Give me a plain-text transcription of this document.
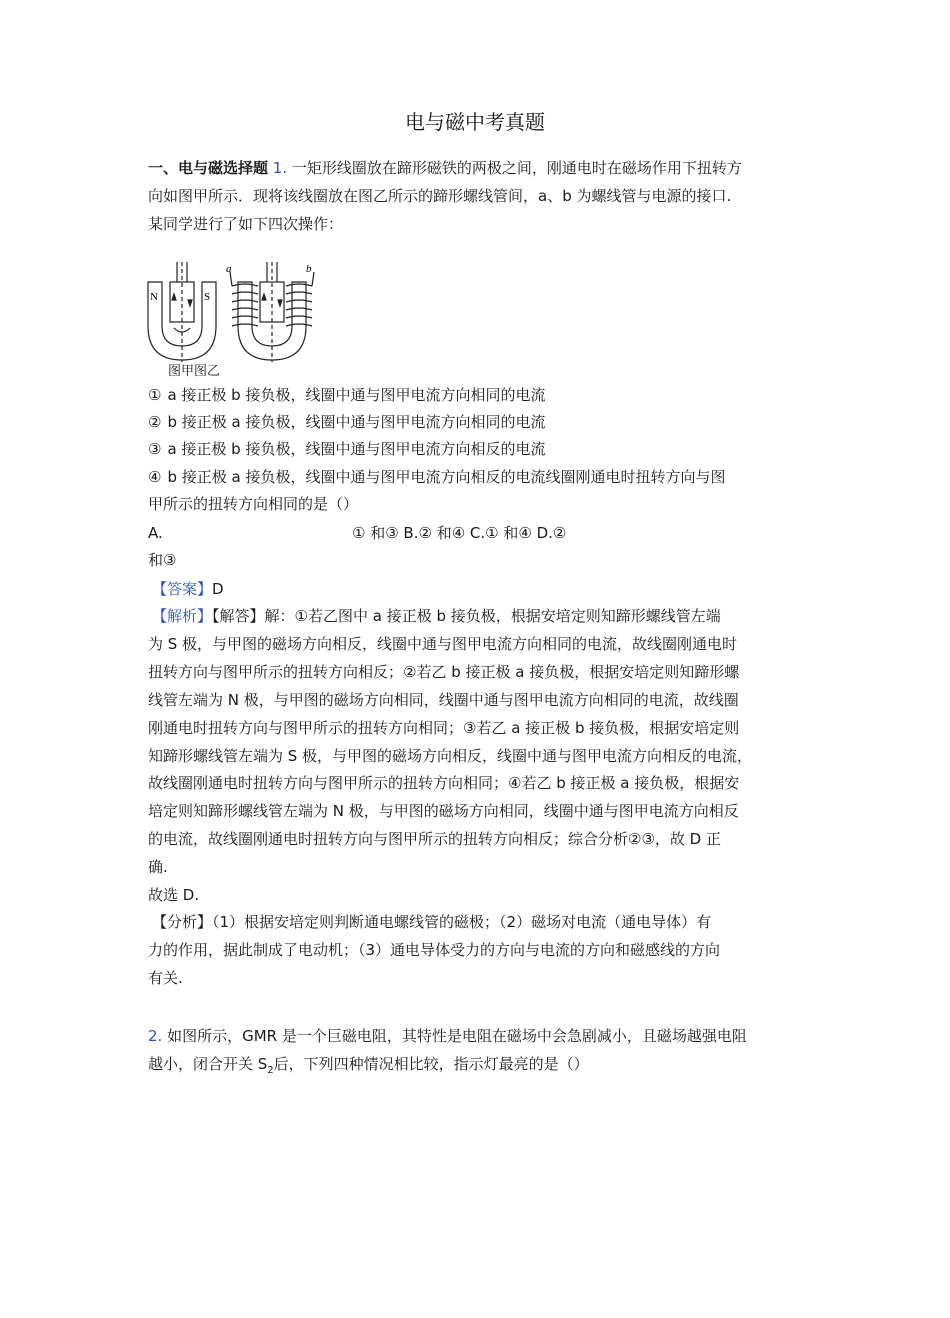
电与磁中考真题
一、电与磁选择题 1. 一矩形线圈放在蹄形磁铁的两极之间，刚通电时在磁场作用下扭转方
向如图甲所示．现将该线圈放在图乙所示的蹄形螺线管间，a、b 为螺线管与电源的接口.
某同学进行了如下四次操作：
N	S
a	b
图甲图乙
① a 接正极 b 接负极，线圈中通与图甲电流方向相同的电流
② b 接正极 a 接负极，线圈中通与图甲电流方向相同的电流
③ a 接正极 b 接负极，线圈中通与图甲电流方向相反的电流
④ b 接正极 a 接负极，线圈中通与图甲电流方向相反的电流线圈刚通电时扭转方向与图
甲所示的扭转方向相同的是（）
A.	① 和③ B.② 和④ C.① 和④ D.②
和③
【答案】D
【解析】【解答】解：①若乙图中 a 接正极 b 接负极，根据安培定则知蹄形螺线管左端
为 S 极，与甲图的磁场方向相反，线圈中通与图甲电流方向相同的电流，故线圈刚通电时
扭转方向与图甲所示的扭转方向相反；②若乙 b 接正极 a 接负极，根据安培定则知蹄形螺
线管左端为 N 极，与甲图的磁场方向相同，线圈中通与图甲电流方向相同的电流，故线圈
刚通电时扭转方向与图甲所示的扭转方向相同；③若乙 a 接正极 b 接负极，根据安培定则
知蹄形螺线管左端为 S 极，与甲图的磁场方向相反，线圈中通与图甲电流方向相反的电流，
故线圈刚通电时扭转方向与图甲所示的扭转方向相同；④若乙 b 接正极 a 接负极，根据安
培定则知蹄形螺线管左端为 N 极，与甲图的磁场方向相同，线圈中通与图甲电流方向相反
的电流，故线圈刚通电时扭转方向与图甲所示的扭转方向相反；综合分析②③，故 D 正
确.
故选 D.
【分析】（1）根据安培定则判断通电螺线管的磁极；（2）磁场对电流（通电导体）有
力的作用，据此制成了电动机；（3）通电导体受力的方向与电流的方向和磁感线的方向
有关.
2. 如图所示，GMR 是一个巨磁电阻，其特性是电阻在磁场中会急剧减小，且磁场越强电阻
越小，闭合开关 $S_2$后，下列四种情况相比较，指示灯最亮的是（）
